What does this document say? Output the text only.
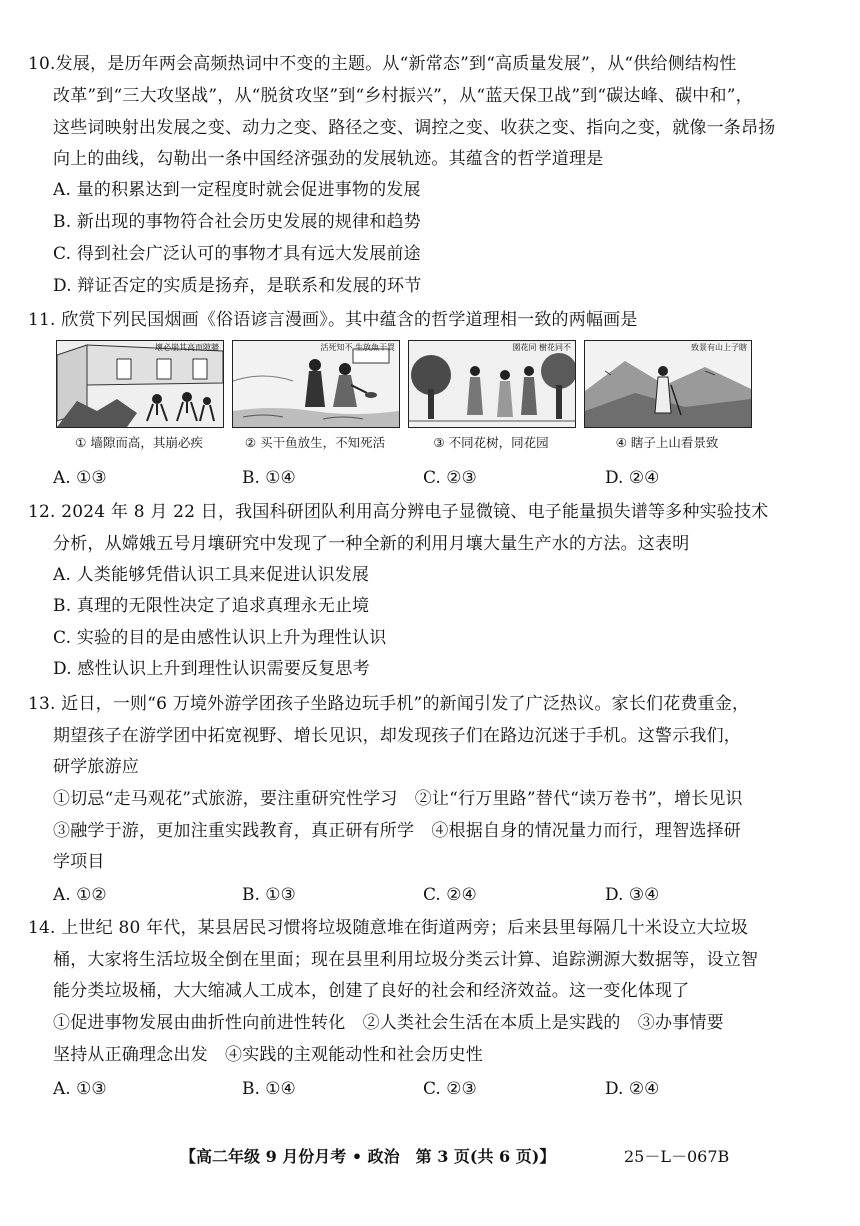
10.发展，是历年两会高频热词中不变的主题。从“新常态”到“高质量发展”，从“供给侧结构性
改革”到“三大攻坚战”，从“脱贫攻坚”到“乡村振兴”，从“蓝天保卫战”到“碳达峰、碳中和”，
这些词映射出发展之变、动力之变、路径之变、调控之变、收获之变、指向之变，就像一条昂扬
向上的曲线，勾勒出一条中国经济强劲的发展轨迹。其蕴含的哲学道理是
A. 量的积累达到一定程度时就会促进事物的发展
B. 新出现的事物符合社会历史发展的规律和趋势
C. 得到社会广泛认可的事物才具有远大发展前途
D. 辩证否定的实质是扬弃，是联系和发展的环节
11. 欣赏下列民国烟画《俗语谚言漫画》。其中蕴含的哲学道理相一致的两幅画是
壞必崩其高而隙牆
① 墙隙而高，其崩必疾
活死知不 生放魚干買
② 买干鱼放生，不知死活
園花同 樹花同不
③ 不同花树，同花园
致景有山上子瞎
④ 瞎子上山看景致
A. ①③	B. ①④	C. ②③	D. ②④
12. 2024 年 8 月 22 日，我国科研团队利用高分辨电子显微镜、电子能量损失谱等多种实验技术
分析，从嫦娥五号月壤研究中发现了一种全新的利用月壤大量生产水的方法。这表明
A. 人类能够凭借认识工具来促进认识发展
B. 真理的无限性决定了追求真理永无止境
C. 实验的目的是由感性认识上升为理性认识
D. 感性认识上升到理性认识需要反复思考
13. 近日，一则“6 万境外游学团孩子坐路边玩手机”的新闻引发了广泛热议。家长们花费重金，
期望孩子在游学团中拓宽视野、增长见识，却发现孩子们在路边沉迷于手机。这警示我们，
研学旅游应
①切忌“走马观花”式旅游，要注重研究性学习　②让“行万里路”替代“读万卷书”，增长见识
③融学于游，更加注重实践教育，真正研有所学　④根据自身的情况量力而行，理智选择研
学项目
A. ①②	B. ①③	C. ②④	D. ③④
14. 上世纪 80 年代，某县居民习惯将垃圾随意堆在街道两旁；后来县里每隔几十米设立大垃圾
桶，大家将生活垃圾全倒在里面；现在县里利用垃圾分类云计算、追踪溯源大数据等，设立智
能分类垃圾桶，大大缩减人工成本，创建了良好的社会和经济效益。这一变化体现了
①促进事物发展由曲折性向前进性转化　②人类社会生活在本质上是实践的　③办事情要
坚持从正确理念出发　④实践的主观能动性和社会历史性
A. ①③	B. ①④	C. ②③	D. ②④
【高二年级 9 月份月考 • 政治　第 3 页(共 6 页)】	25－L－067B
